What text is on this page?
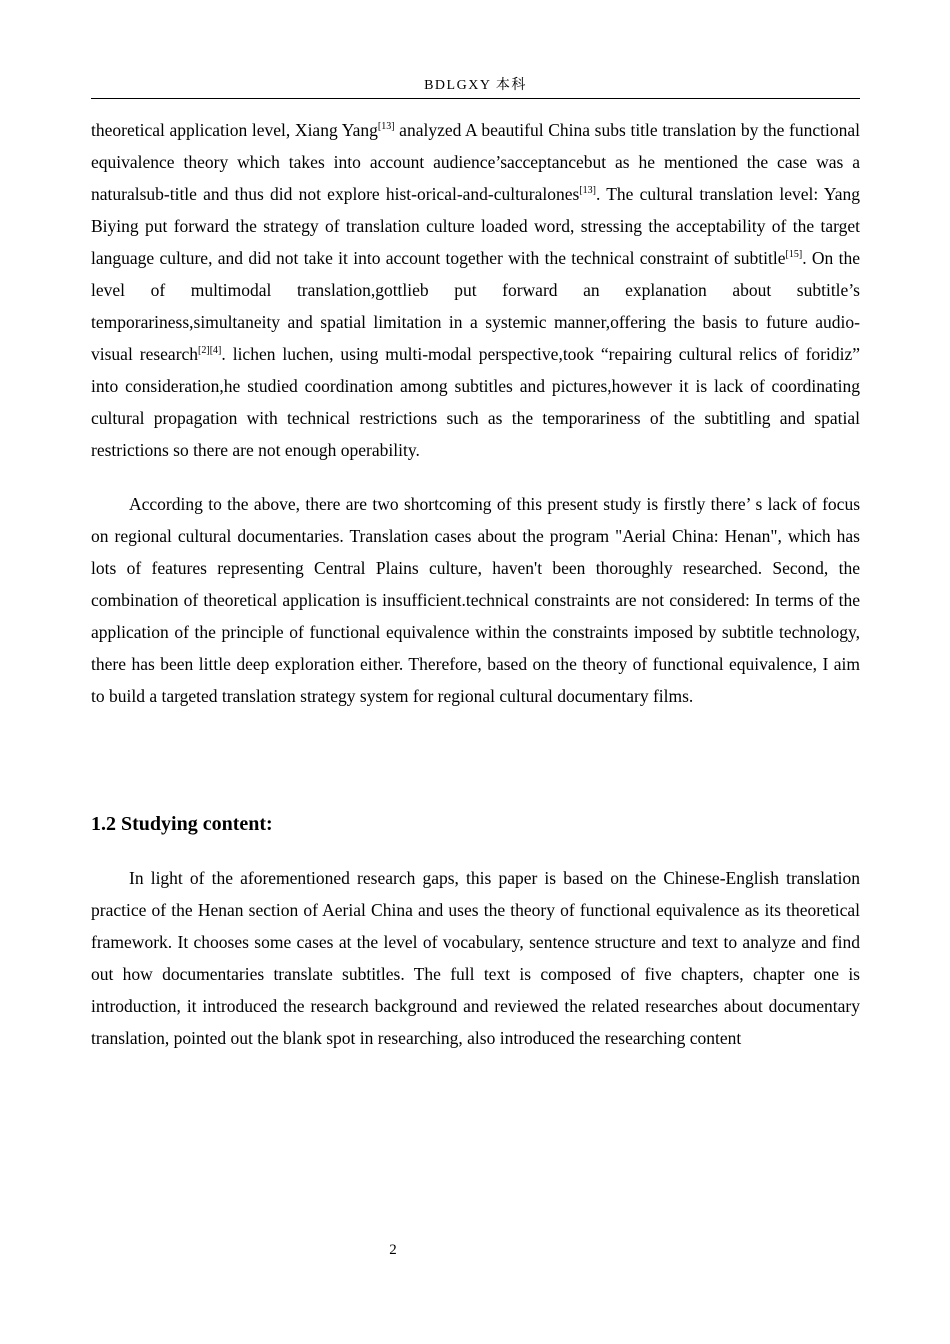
BDLGXY 本科

theoretical application level, Xiang Yang[13] analyzed A beautiful China subs title translation by the functional equivalence theory which takes into account audience’sacceptancebut as he mentioned the case was a naturalsub-title and thus did not explore hist-orical-and-culturalones[13]. The cultural translation level: Yang Biying put forward the strategy of translation culture loaded word, stressing the acceptability of the target language culture, and did not take it into account together with the technical constraint of subtitle[15]. On the level of multimodal translation,gottlieb put forward an explanation about subtitle’s temporariness,simultaneity and spatial limitation in a systemic manner,offering the basis to future audio-visual research[2][4]. lichen luchen, using multi-modal perspective,took “repairing cultural relics of foridiz” into consideration,he studied coordination among subtitles and pictures,however it is lack of coordinating cultural propagation with technical restrictions such as the temporariness of the subtitling and spatial restrictions so there are not enough operability.

According to the above, there are two shortcoming of this present study is firstly there’ s lack of focus on regional cultural documentaries. Translation cases about the program "Aerial China: Henan", which has lots of features representing Central Plains culture, haven't been thoroughly researched. Second, the combination of theoretical application is insufficient.technical constraints are not considered: In terms of the application of the principle of functional equivalence within the constraints imposed by subtitle technology, there has been little deep exploration either. Therefore, based on the theory of functional equivalence, I aim to build a targeted translation strategy system for regional cultural documentary films.

1.2 Studying content:

In light of the aforementioned research gaps, this paper is based on the Chinese-English translation practice of the Henan section of Aerial China and uses the theory of functional equivalence as its theoretical framework. It chooses some cases at the level of vocabulary, sentence structure and text to analyze and find out how documentaries translate subtitles. The full text is composed of five chapters, chapter one is introduction, it introduced the research background and reviewed the related researches about documentary translation, pointed out the blank spot in researching, also introduced the researching content

2
